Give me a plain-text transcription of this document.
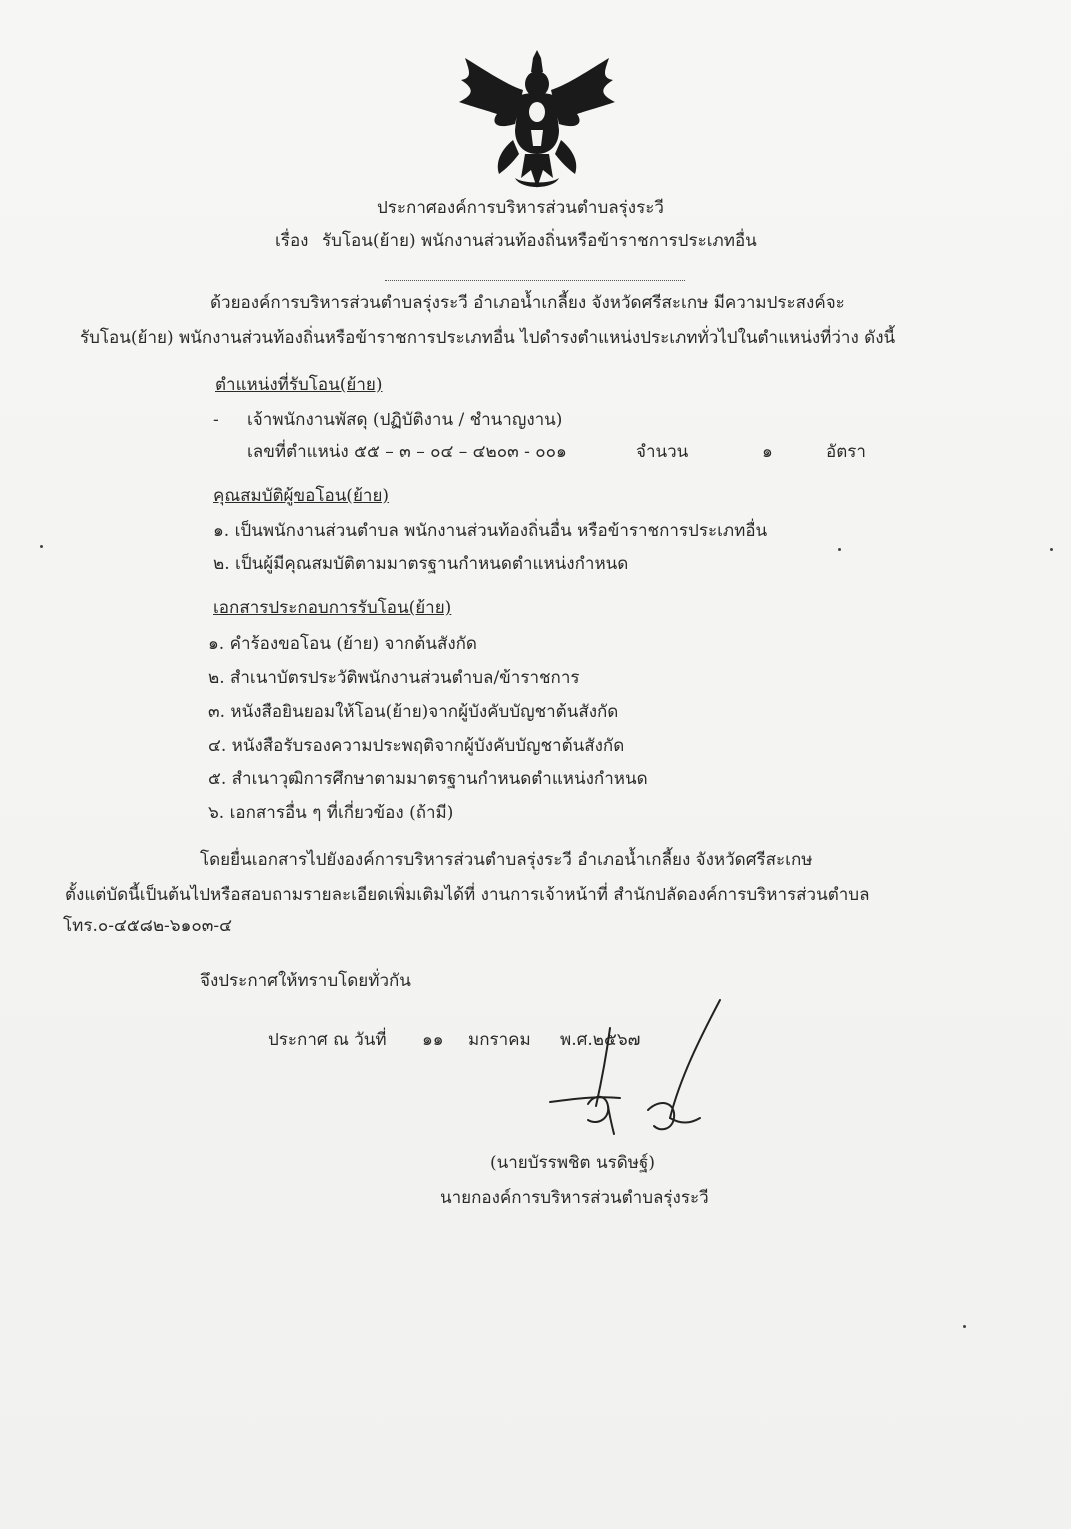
ประกาศองค์การบริหารส่วนตำบลรุ่งระวี
เรื่อง รับโอน(ย้าย) พนักงานส่วนท้องถิ่นหรือข้าราชการประเภทอื่น
ด้วยองค์การบริหารส่วนตำบลรุ่งระวี อำเภอน้ำเกลี้ยง จังหวัดศรีสะเกษ มีความประสงค์จะ
รับโอน(ย้าย) พนักงานส่วนท้องถิ่นหรือข้าราชการประเภทอื่น ไปดำรงตำแหน่งประเภททั่วไปในตำแหน่งที่ว่าง ดังนี้
ตำแหน่งที่รับโอน(ย้าย)
- เจ้าพนักงานพัสดุ (ปฏิบัติงาน / ชำนาญงาน)
เลขที่ตำแหน่ง ๕๕ – ๓ – ๐๔ – ๔๒๐๓ - ๐๐๑	จำนวน	๑	อัตรา
คุณสมบัติผู้ขอโอน(ย้าย)
๑. เป็นพนักงานส่วนตำบล พนักงานส่วนท้องถิ่นอื่น หรือข้าราชการประเภทอื่น
๒. เป็นผู้มีคุณสมบัติตามมาตรฐานกำหนดตำแหน่งกำหนด
เอกสารประกอบการรับโอน(ย้าย)
๑. คำร้องขอโอน (ย้าย) จากต้นสังกัด
๒. สำเนาบัตรประวัติพนักงานส่วนตำบล/ข้าราชการ
๓. หนังสือยินยอมให้โอน(ย้าย)จากผู้บังคับบัญชาต้นสังกัด
๔. หนังสือรับรองความประพฤติจากผู้บังคับบัญชาต้นสังกัด
๕. สำเนาวุฒิการศึกษาตามมาตรฐานกำหนดตำแหน่งกำหนด
๖. เอกสารอื่น ๆ ที่เกี่ยวข้อง (ถ้ามี)
โดยยื่นเอกสารไปยังองค์การบริหารส่วนตำบลรุ่งระวี อำเภอน้ำเกลี้ยง จังหวัดศรีสะเกษ
ตั้งแต่บัดนี้เป็นต้นไปหรือสอบถามรายละเอียดเพิ่มเติมได้ที่ งานการเจ้าหน้าที่ สำนักปลัดองค์การบริหารส่วนตำบล
โทร.๐-๔๕๘๒-๖๑๐๓-๔
จึงประกาศให้ทราบโดยทั่วกัน
ประกาศ ณ วันที่ ๑๑ มกราคม พ.ศ.๒๕๖๗
(นายบัรรพชิต นรดิษฐ์)
นายกองค์การบริหารส่วนตำบลรุ่งระวี
